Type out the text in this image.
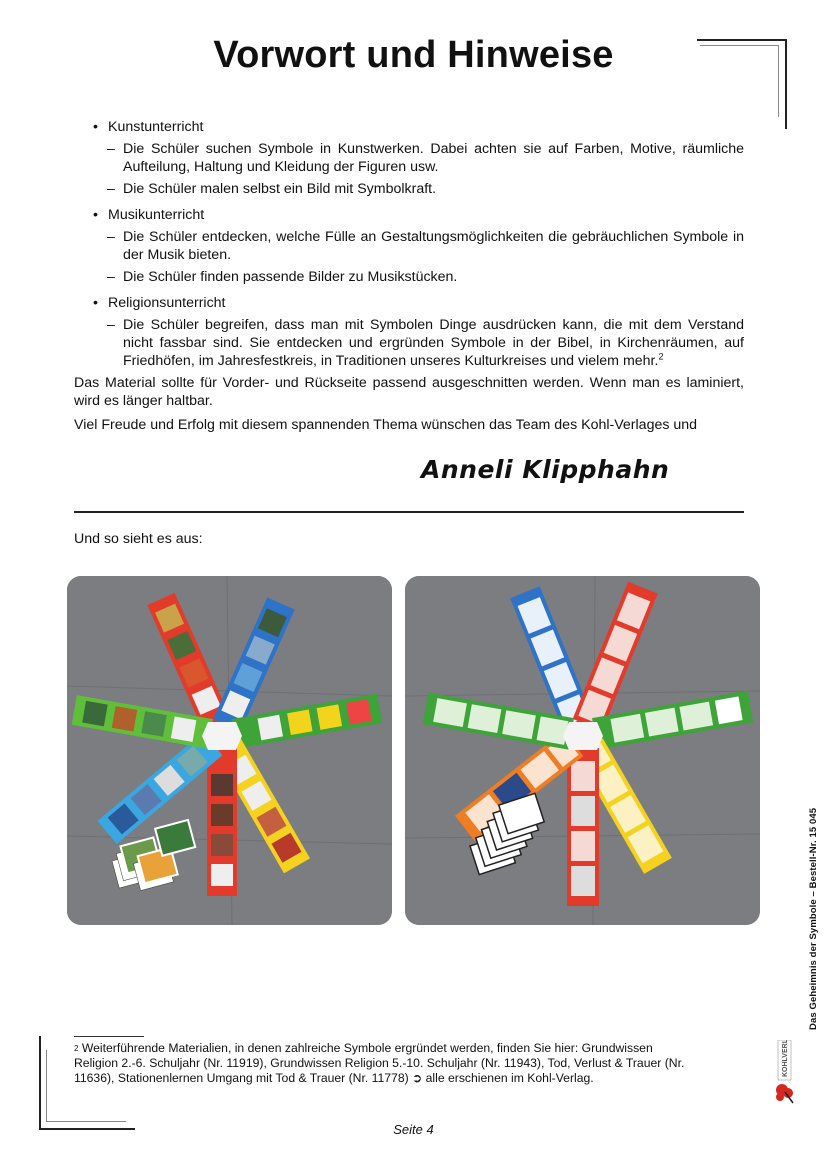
Vorwort und Hinweise
• Kunstunterricht
– Die Schüler suchen Symbole in Kunstwerken. Dabei achten sie auf Farben, Motive, räumliche Aufteilung, Haltung und Kleidung der Figuren usw.
– Die Schüler malen selbst ein Bild mit Symbolkraft.
• Musikunterricht
– Die Schüler entdecken, welche Fülle an Gestaltungsmöglichkeiten die gebräuchlichen Symbole in der Musik bieten.
– Die Schüler finden passende Bilder zu Musikstücken.
• Religionsunterricht
– Die Schüler begreifen, dass man mit Symbolen Dinge ausdrücken kann, die mit dem Verstand nicht fassbar sind. Sie entdecken und ergründen Symbole in der Bibel, in Kirchenräumen, auf Friedhöfen, im Jahresfestkreis, in Traditionen unseres Kulturkreises und vielem mehr.$^2$

Das Material sollte für Vorder- und Rückseite passend ausgeschnitten werden. Wenn man es laminiert, wird es länger haltbar.

Viel Freude und Erfolg mit diesem spannenden Thema wünschen das Team des Kohl-Verlages und

Anneli Klipphahn
Und so sieht es aus:
$^2$ Weiterführende Materialien, in denen zahlreiche Symbole ergründet werden, finden Sie hier: Grundwissen Religion 2.-6. Schuljahr (Nr. 11919), Grundwissen Religion 5.-10. Schuljahr (Nr. 11943), Tod, Verlust & Trauer (Nr. 11636), Stationenlernen Umgang mit Tod & Trauer (Nr. 11778) ➲ alle erschienen im Kohl-Verlag.
Seite 4
Das Geheimnis der Symbole – Bestell-Nr. 15 045
KOHLVERLAG
